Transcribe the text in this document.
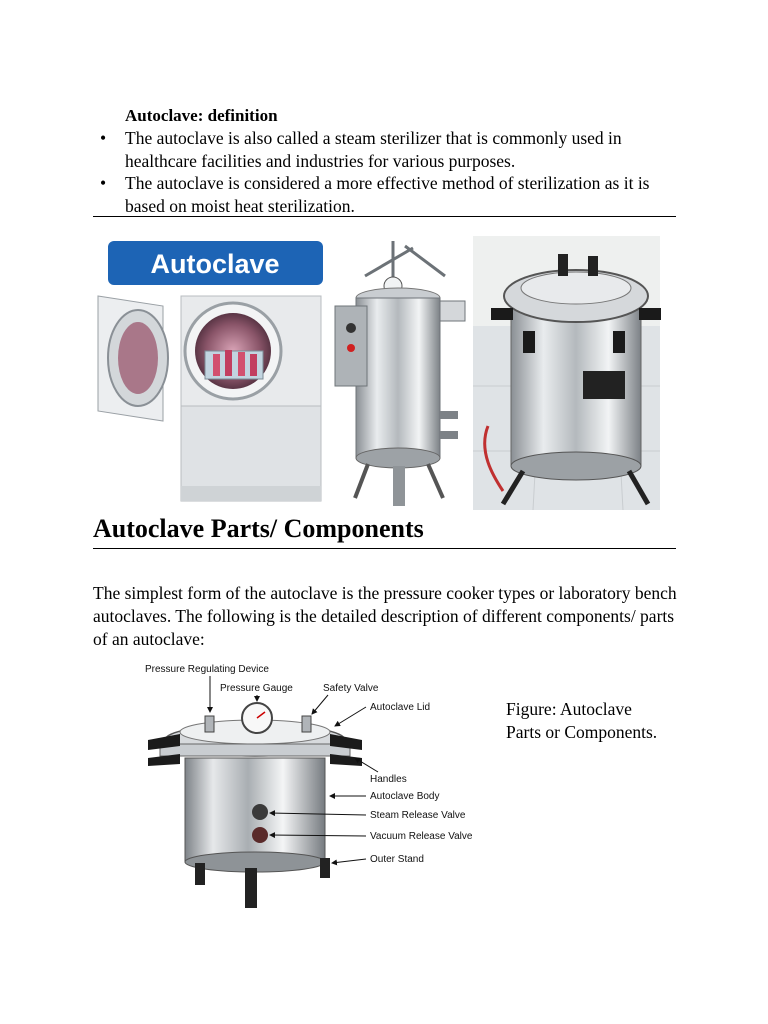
Autoclave: definition
• The autoclave is also called a steam sterilizer that is commonly used in healthcare facilities and industries for various purposes.
• The autoclave is considered a more effective method of sterilization as it is based on moist heat sterilization.
Autoclave
Autoclave Parts/ Components
The simplest form of the autoclave is the pressure cooker types or laboratory bench autoclaves. The following is the detailed description of different components/ parts of an autoclave:
Pressure Regulating Device
Pressure Gauge	Safety Valve
Autoclave Lid
Handles
Autoclave Body
Steam Release Valve
Vacuum Release Valve
Outer Stand
Figure: Autoclave Parts or Components.
